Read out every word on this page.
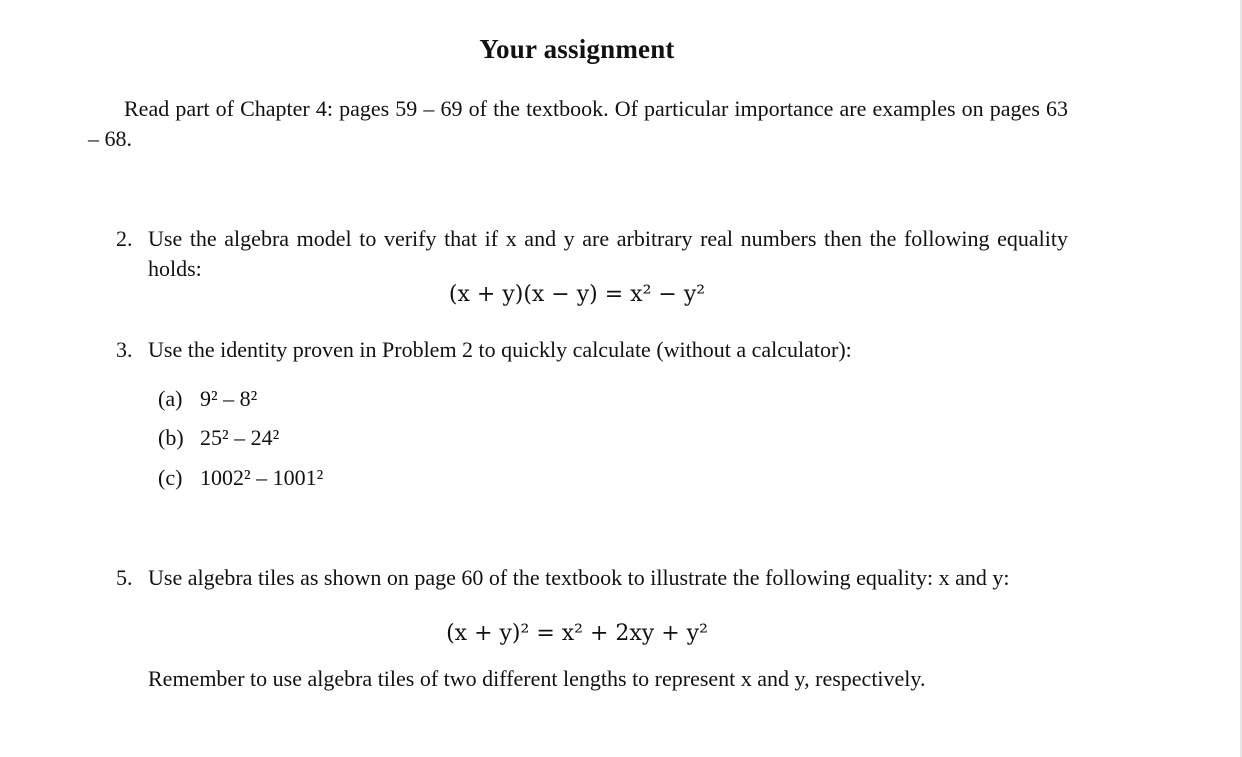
Your assignment
Read part of Chapter 4: pages 59 – 69 of the textbook. Of particular importance are examples on pages 63 – 68.
2. Use the algebra model to verify that if x and y are arbitrary real numbers then the following equality holds:
(x + y)(x − y) = x² − y²
3. Use the identity proven in Problem 2 to quickly calculate (without a calculator):
(a) 9² – 8²
(b) 25² – 24²
(c) 1002² – 1001²
5. Use algebra tiles as shown on page 60 of the textbook to illustrate the following equality: x and y:
(x + y)² = x² + 2xy + y²
Remember to use algebra tiles of two different lengths to represent x and y, respectively.
